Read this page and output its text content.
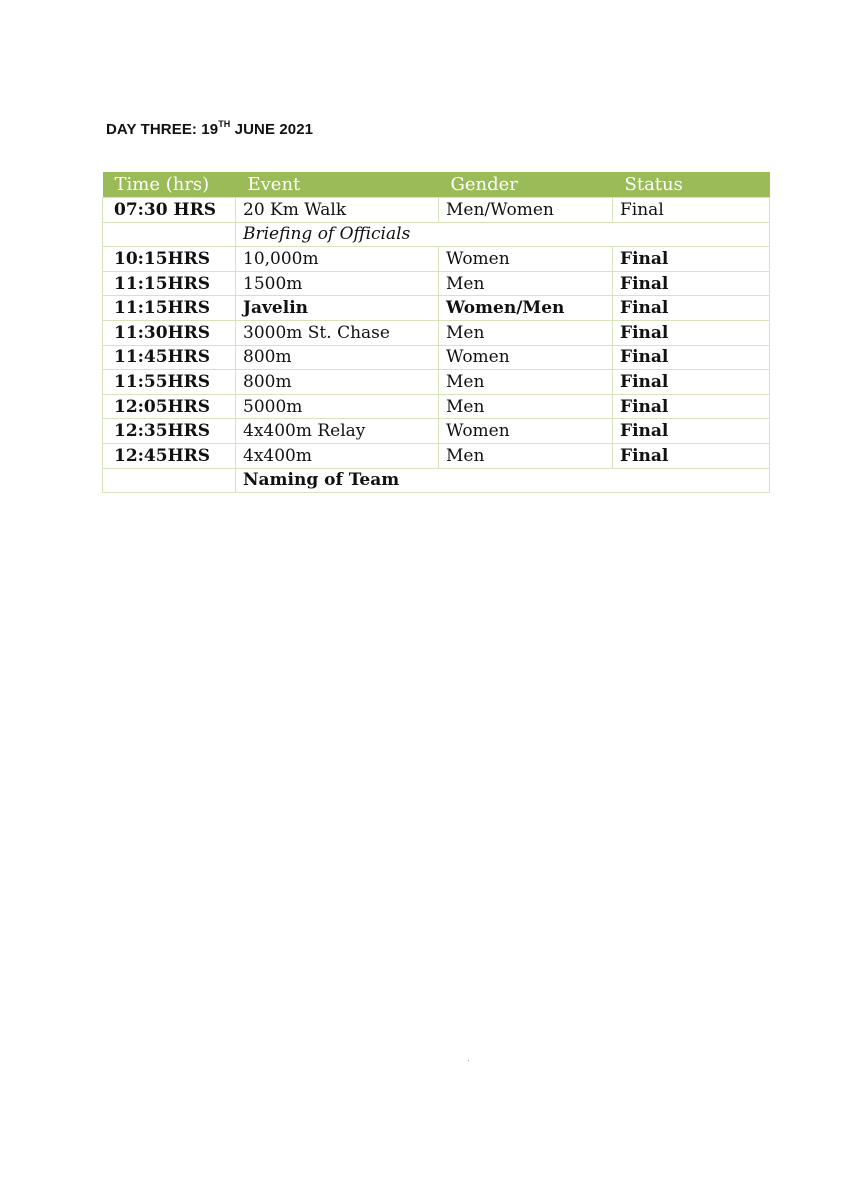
DAY THREE: 19TH JUNE 2021
Time (hrs)	Event	Gender	Status
07:30 HRS	20 Km Walk	Men/Women	Final
	Briefing of Officials		
10:15HRS	10,000m	Women	Final
11:15HRS	1500m	Men	Final
11:15HRS	Javelin	Women/Men	Final
11:30HRS	3000m St. Chase	Men	Final
11:45HRS	800m	Women	Final
11:55HRS	800m	Men	Final
12:05HRS	5000m	Men	Final
12:35HRS	4x400m Relay	Women	Final
12:45HRS	4x400m	Men	Final
	Naming of Team		
